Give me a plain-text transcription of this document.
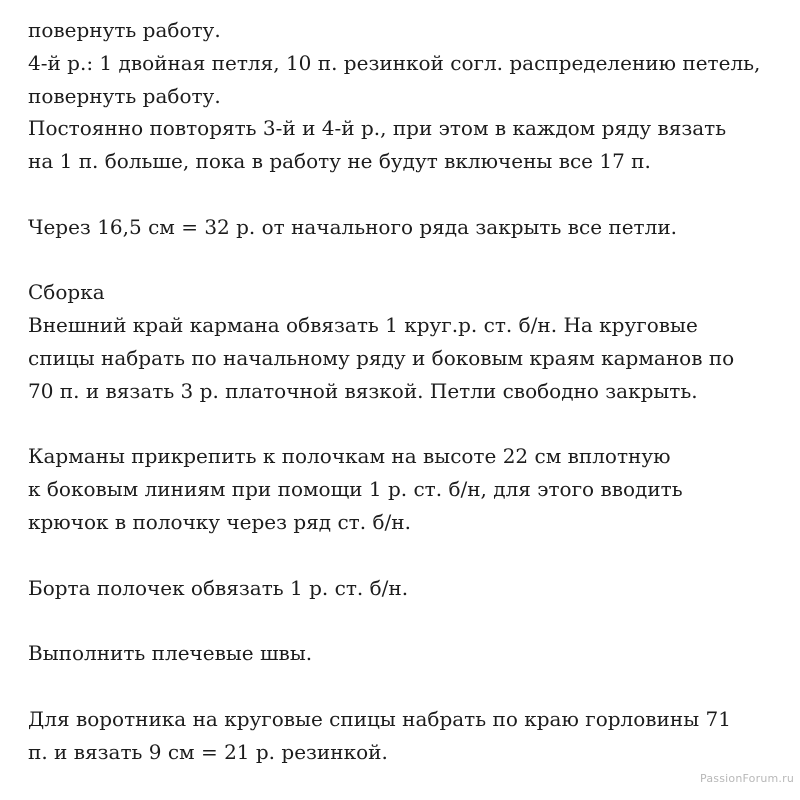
повернуть работу.
4-й р.: 1 двойная петля, 10 п. резинкой согл. распределению петель,
повернуть работу.
Постоянно повторять 3-й и 4-й р., при этом в каждом ряду вязать
на 1 п. больше, пока в работу не будут включены все 17 п.
Через 16,5 см = 32 р. от начального ряда закрыть все петли.
Сборка
Внешний край кармана обвязать 1 круг.р. ст. б/н. На круговые
спицы набрать по начальному ряду и боковым краям карманов по
70 п. и вязать 3 р. платочной вязкой. Петли свободно закрыть.
Карманы прикрепить к полочкам на высоте 22 см вплотную
к боковым линиям при помощи 1 р. ст. б/н, для этого вводить
крючок в полочку через ряд ст. б/н.
Борта полочек обвязать 1 р. ст. б/н.
Выполнить плечевые швы.
Для воротника на круговые спицы набрать по краю горловины 71
п. и вязать 9 см = 21 р. резинкой.
PassionForum.ru
